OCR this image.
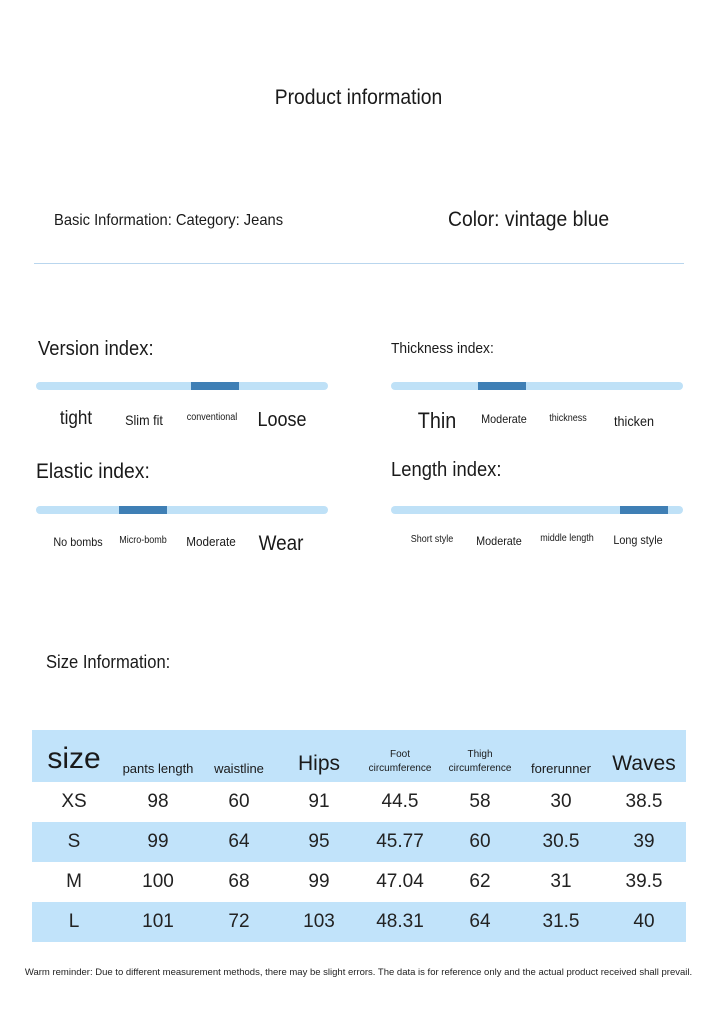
Product information
Basic Information: Category: Jeans	Color: vintage blue
Version index:
tight Slim fit conventional Loose
Thickness index:
Thin Moderate thickness thicken
Elastic index:
No bombs Micro-bomb Moderate Wear
Length index:
Short style Moderate middle length Long style
Size Information:
size	pants length	waistline	Hips	Foot circumference	Thigh circumference	forerunner	Waves
XS	98	60	91	44.5	58	30	38.5
S	99	64	95	45.77	60	30.5	39
M	100	68	99	47.04	62	31	39.5
L	101	72	103	48.31	64	31.5	40
Warm reminder: Due to different measurement methods, there may be slight errors. The data is for reference only and the actual product received shall prevail.
